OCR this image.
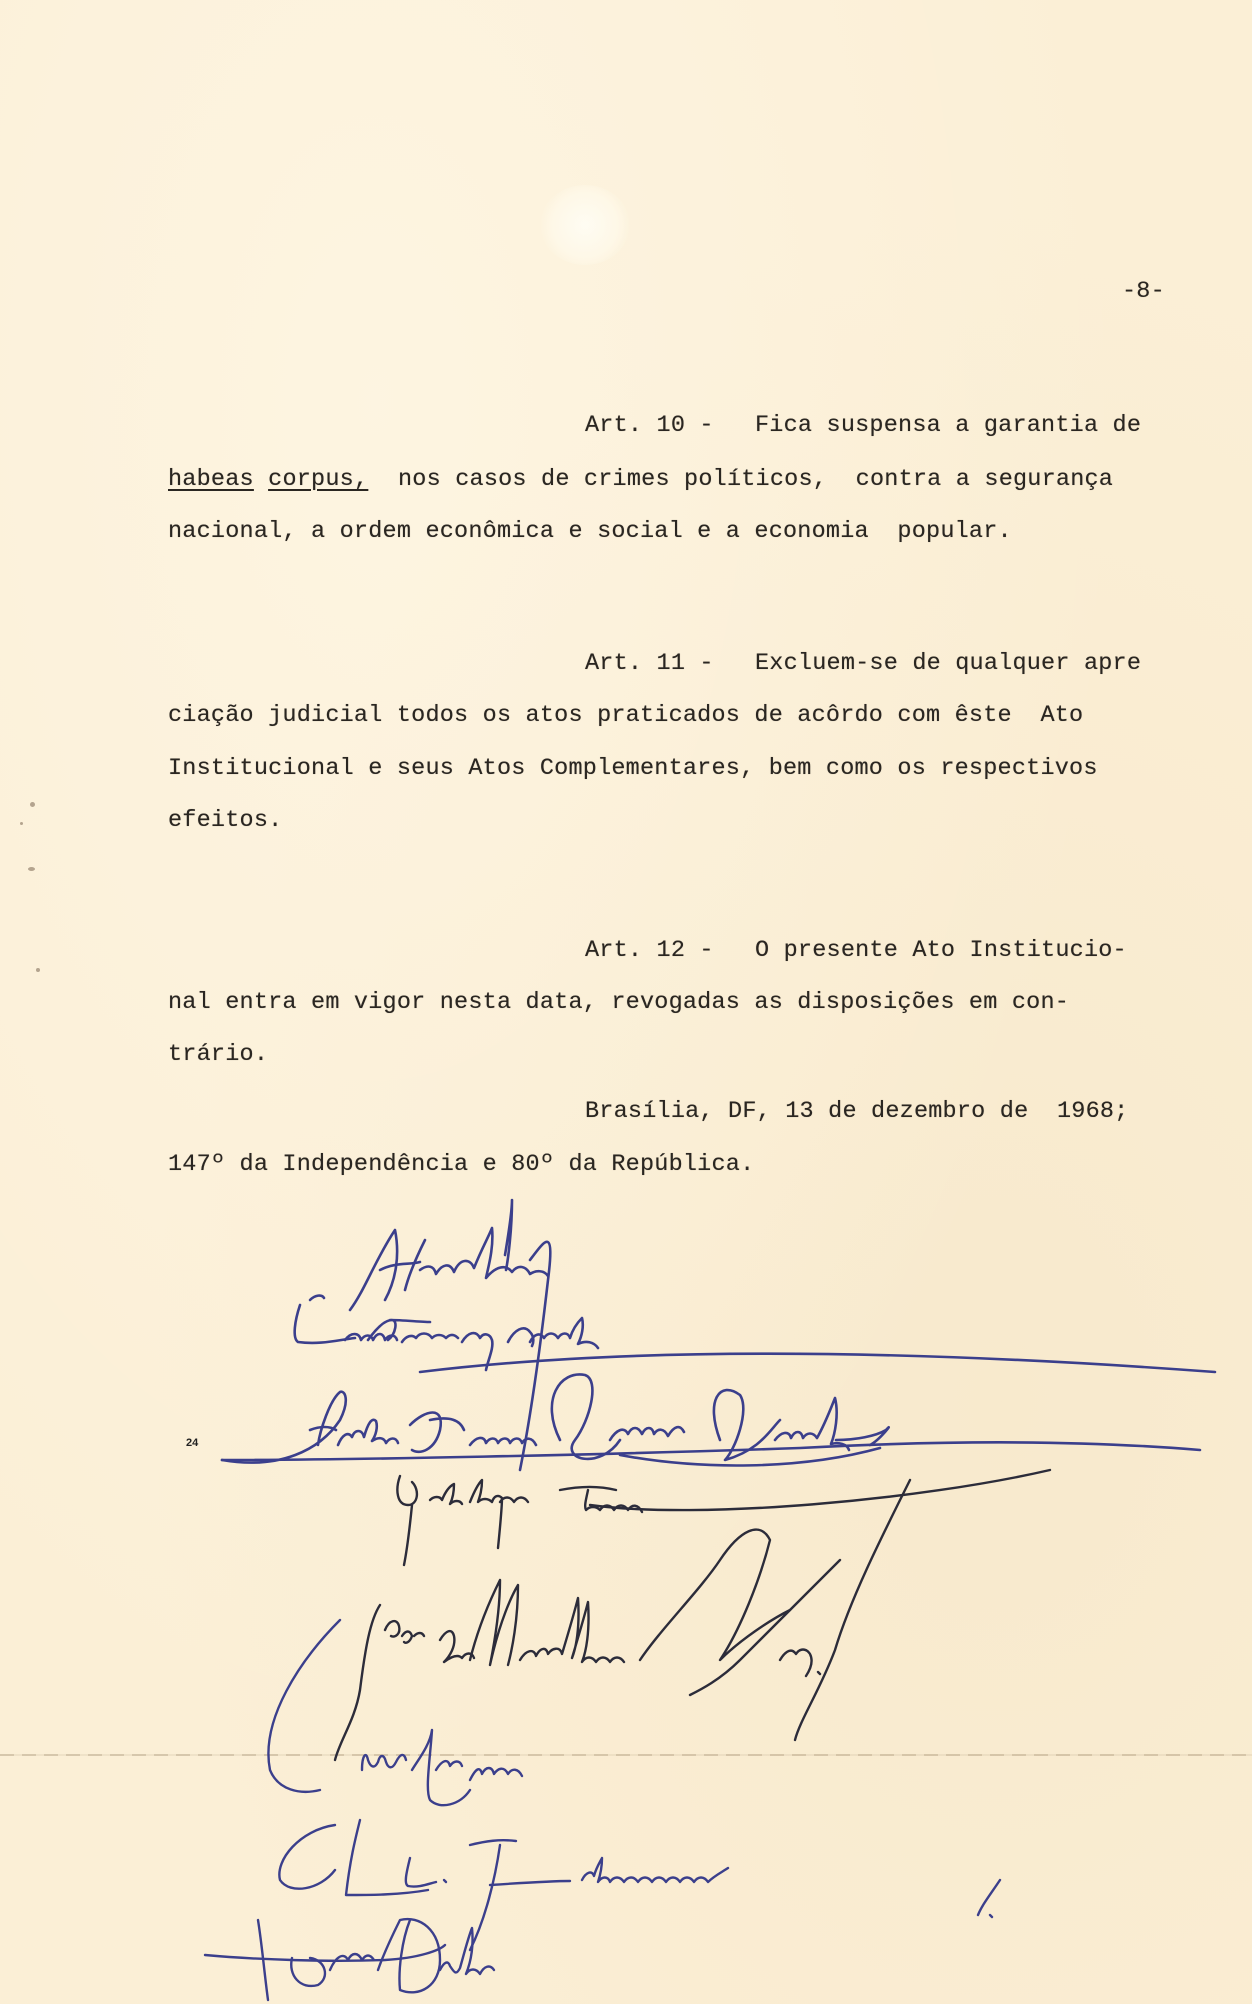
-8-

Art. 10 - Fica suspensa a garantia de

habeas corpus, nos casos de crimes políticos,  contra a segurança

nacional, a ordem econômica e social e a economia  popular.

Art. 11 - Excluem-se de qualquer apre

ciação judicial todos os atos praticados de acôrdo com êste  Ato

Institucional e seus Atos Complementares, bem como os respectivos

efeitos.

Art. 12 - O presente Ato Institucio-

nal entra em vigor nesta data, revogadas as disposições em con-

trário.

Brasília, DF, 13 de dezembro de  1968;

147º da Independência e 80º da República.

24
